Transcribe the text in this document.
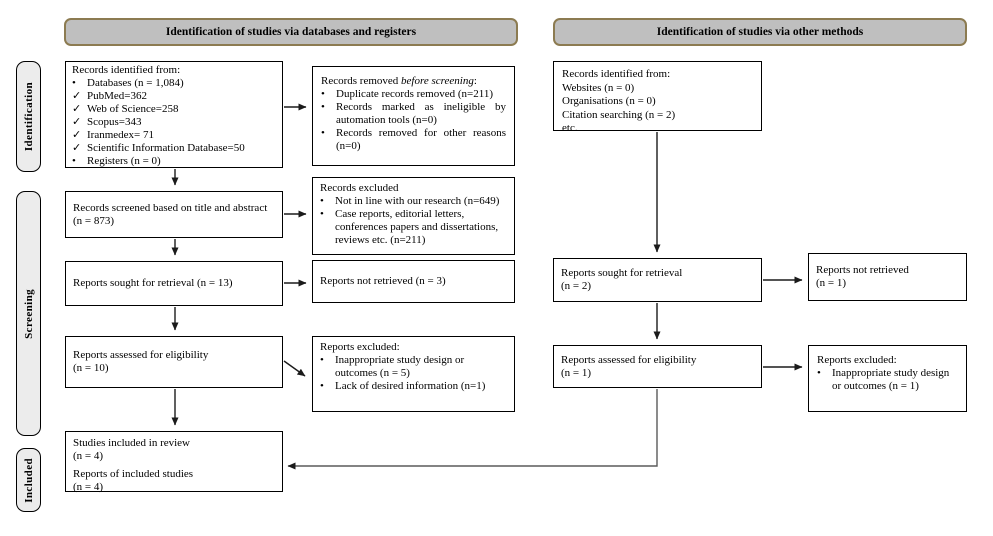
Identification of studies via databases and registers	Identification of studies via other methods
Identification
Screening
Included
Records identified from:
•	Databases (n = 1,084)
✓ PubMed=362
✓ Web of Science=258
✓ Scopus=343
✓ Iranmedex= 71
✓ Scientific Information Database=50
•	Registers (n = 0)
Records removed before screening:
•	Duplicate records removed (n=211)
•	Records marked as ineligible by automation tools (n=0)
•	Records removed for other reasons (n=0)
Records screened based on title and abstract
(n = 873)
Records excluded
•	Not in line with our research (n=649)
•	Case reports, editorial letters, conferences papers and dissertations, reviews etc. (n=211)
Reports sought for retrieval (n = 13)	Reports not retrieved (n = 3)
Reports assessed for eligibility
(n = 10)
Reports excluded:
•	Inappropriate study design or outcomes (n = 5)
•	Lack of desired information (n=1)
Studies included in review
(n = 4)
Reports of included studies
(n = 4)
Records identified from:
Websites (n = 0)
Organisations (n = 0)
Citation searching (n = 2)
etc.
Reports sought for retrieval
(n = 2)
Reports not retrieved
(n = 1)
Reports assessed for eligibility
(n = 1)
Reports excluded:
•	Inappropriate study design or outcomes (n = 1)
